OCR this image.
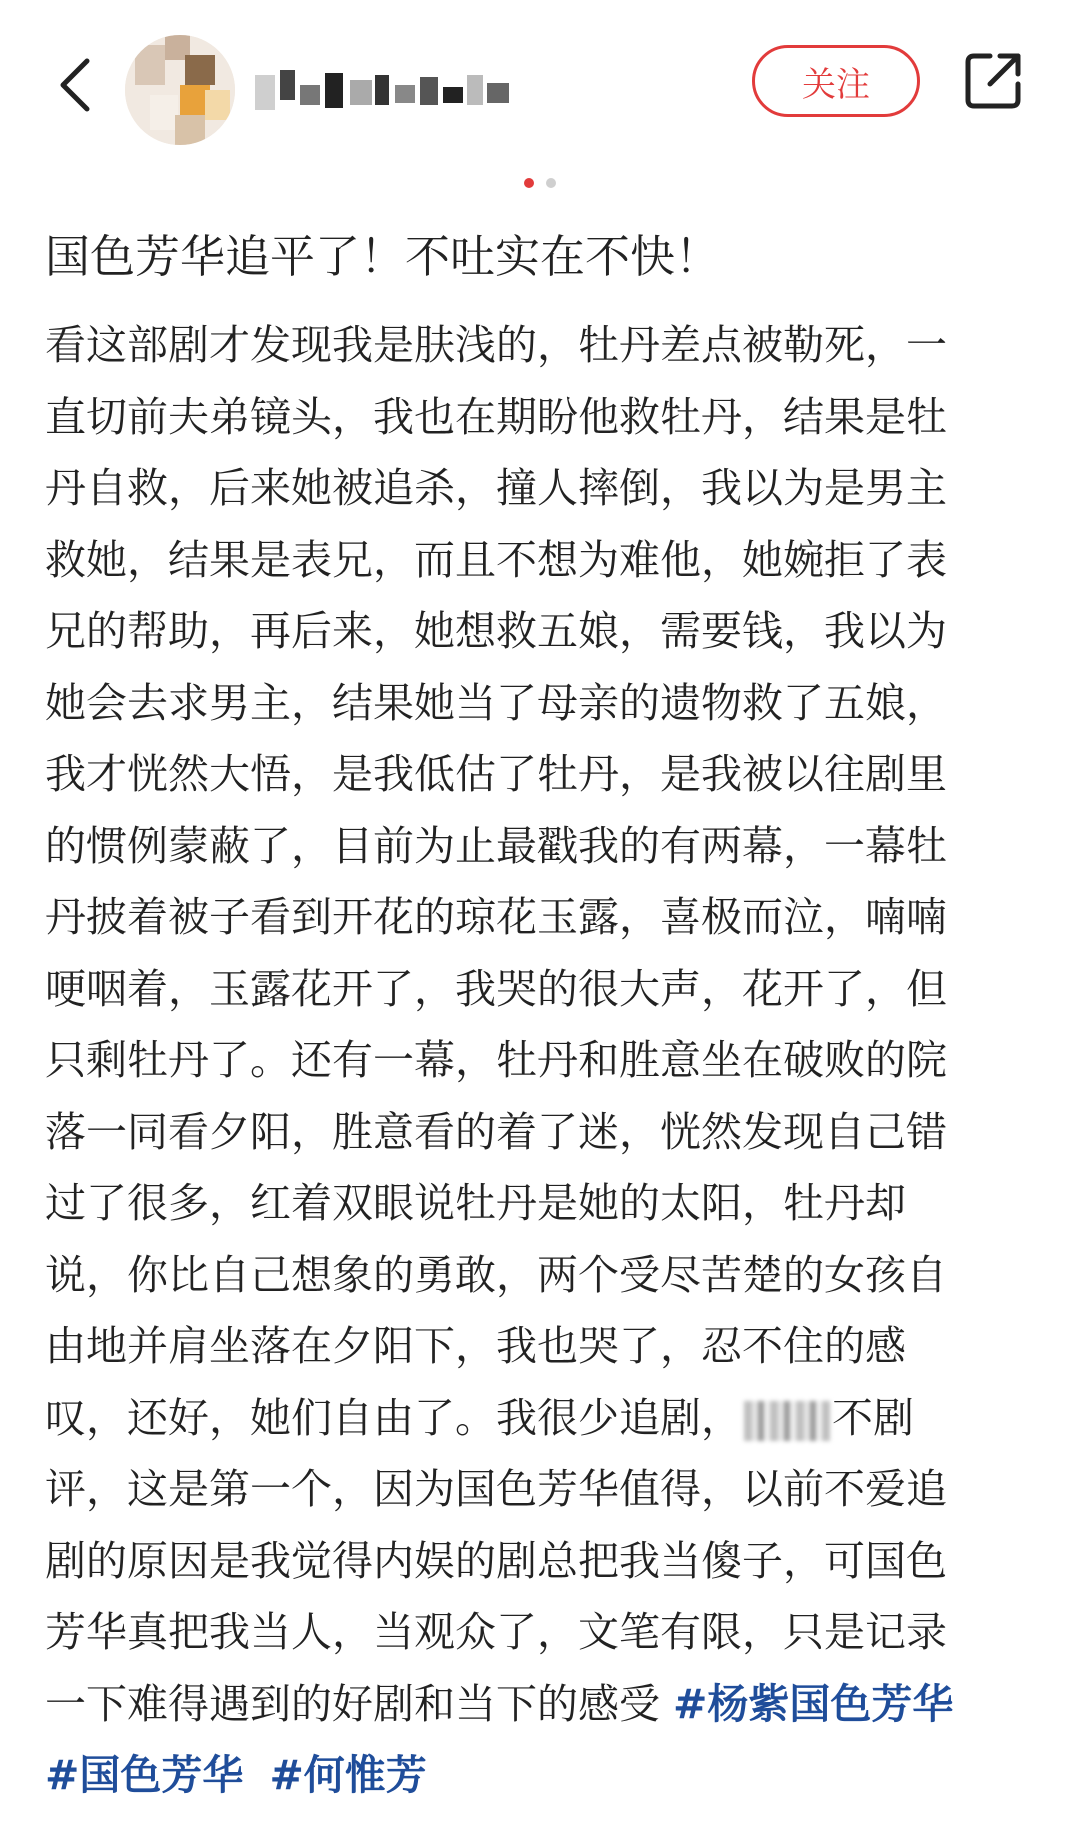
关注
国色芳华追平了！不吐实在不快！
看这部剧才发现我是肤浅的，牡丹差点被勒死，一
直切前夫弟镜头，我也在期盼他救牡丹，结果是牡
丹自救，后来她被追杀，撞人摔倒，我以为是男主
救她，结果是表兄，而且不想为难他，她婉拒了表
兄的帮助，再后来，她想救五娘，需要钱，我以为
她会去求男主，结果她当了母亲的遗物救了五娘，
我才恍然大悟，是我低估了牡丹，是我被以往剧里
的惯例蒙蔽了，目前为止最戳我的有两幕，一幕牡
丹披着被子看到开花的琼花玉露，喜极而泣，喃喃
哽咽着，玉露花开了，我哭的很大声，花开了，但
只剩牡丹了。还有一幕，牡丹和胜意坐在破败的院
落一同看夕阳，胜意看的着了迷，恍然发现自己错
过了很多，红着双眼说牡丹是她的太阳，牡丹却
说，你比自己想象的勇敢，两个受尽苦楚的女孩自
由地并肩坐落在夕阳下，我也哭了，忍不住的感
叹，还好，她们自由了。我很少追剧， 不剧
评，这是第一个，因为国色芳华值得，以前不爱追
剧的原因是我觉得内娱的剧总把我当傻子，可国色
芳华真把我当人，当观众了，文笔有限，只是记录
一下难得遇到的好剧和当下的感受 #杨紫国色芳华
#国色芳华 #何惟芳
